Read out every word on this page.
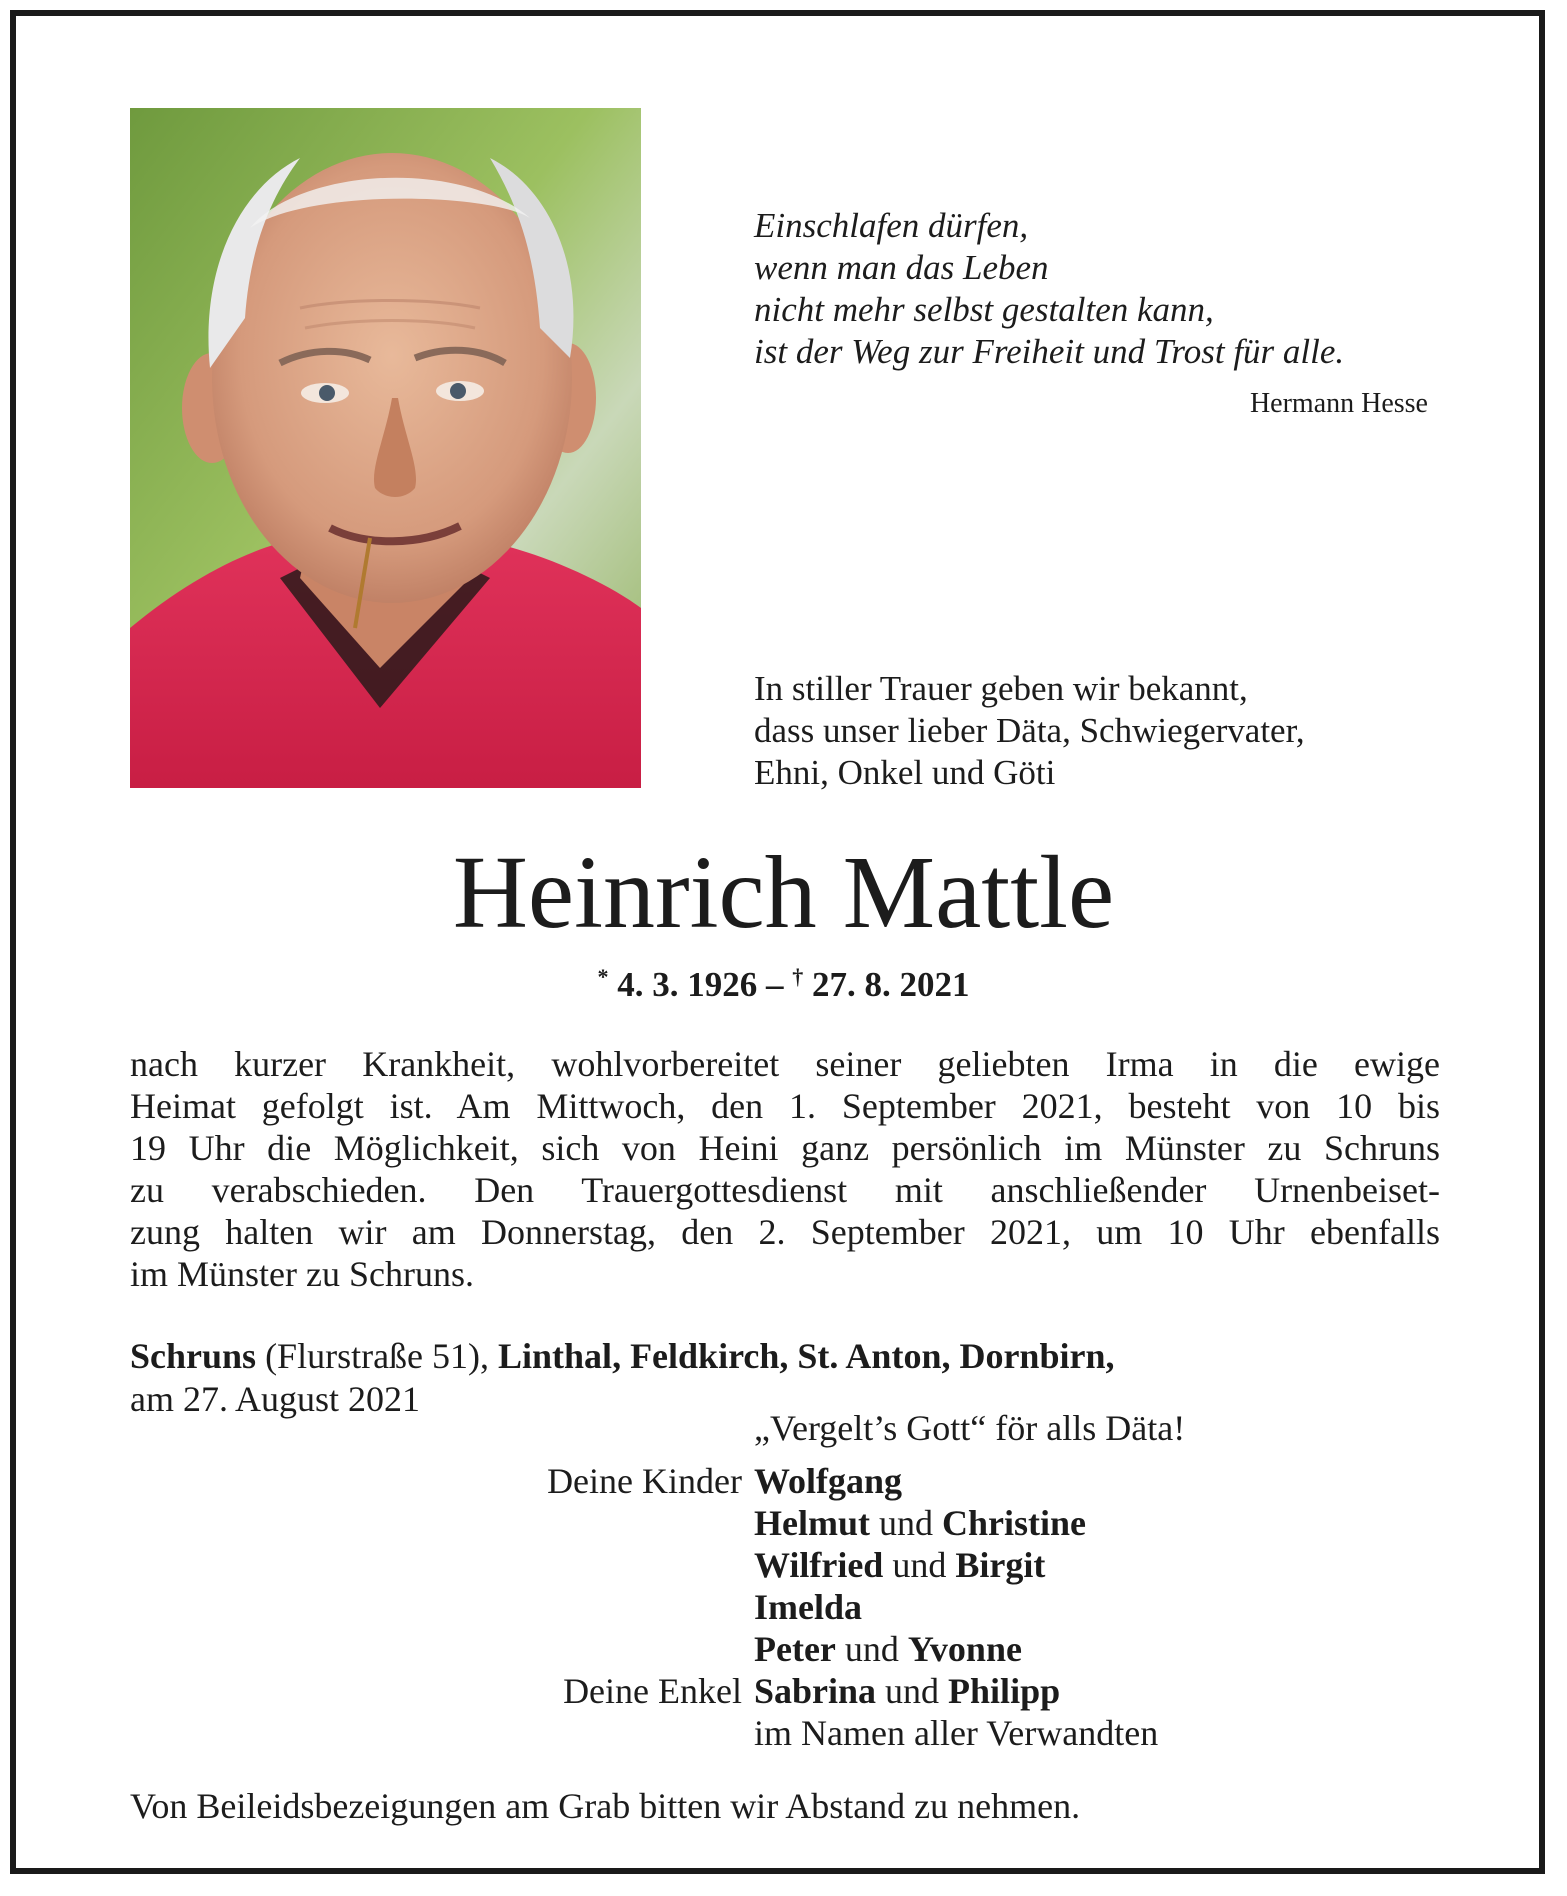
Einschlafen dürfen,
wenn man das Leben
nicht mehr selbst gestalten kann,
ist der Weg zur Freiheit und Trost für alle.
Hermann Hesse
In stiller Trauer geben wir bekannt,
dass unser lieber Däta, Schwiegervater,
Ehni, Onkel und Göti
Heinrich Mattle
* 4. 3. 1926 – † 27. 8. 2021
nach kurzer Krankheit, wohlvorbereitet seiner geliebten Irma in die ewige
Heimat gefolgt ist. Am Mittwoch, den 1. September 2021, besteht von 10 bis
19 Uhr die Möglichkeit, sich von Heini ganz persönlich im Münster zu Schruns
zu verabschieden. Den Trauergottesdienst mit anschließender Urnenbeiset-
zung halten wir am Donnerstag, den 2. September 2021, um 10 Uhr ebenfalls
im Münster zu Schruns.
Schruns (Flurstraße 51), Linthal, Feldkirch, St. Anton, Dornbirn,
am 27. August 2021
„Vergelt’s Gott“ för alls Däta!
Deine Kinder Wolfgang
Helmut und Christine
Wilfried und Birgit
Imelda
Peter und Yvonne
Deine Enkel Sabrina und Philipp
im Namen aller Verwandten
Von Beileidsbezeigungen am Grab bitten wir Abstand zu nehmen.
